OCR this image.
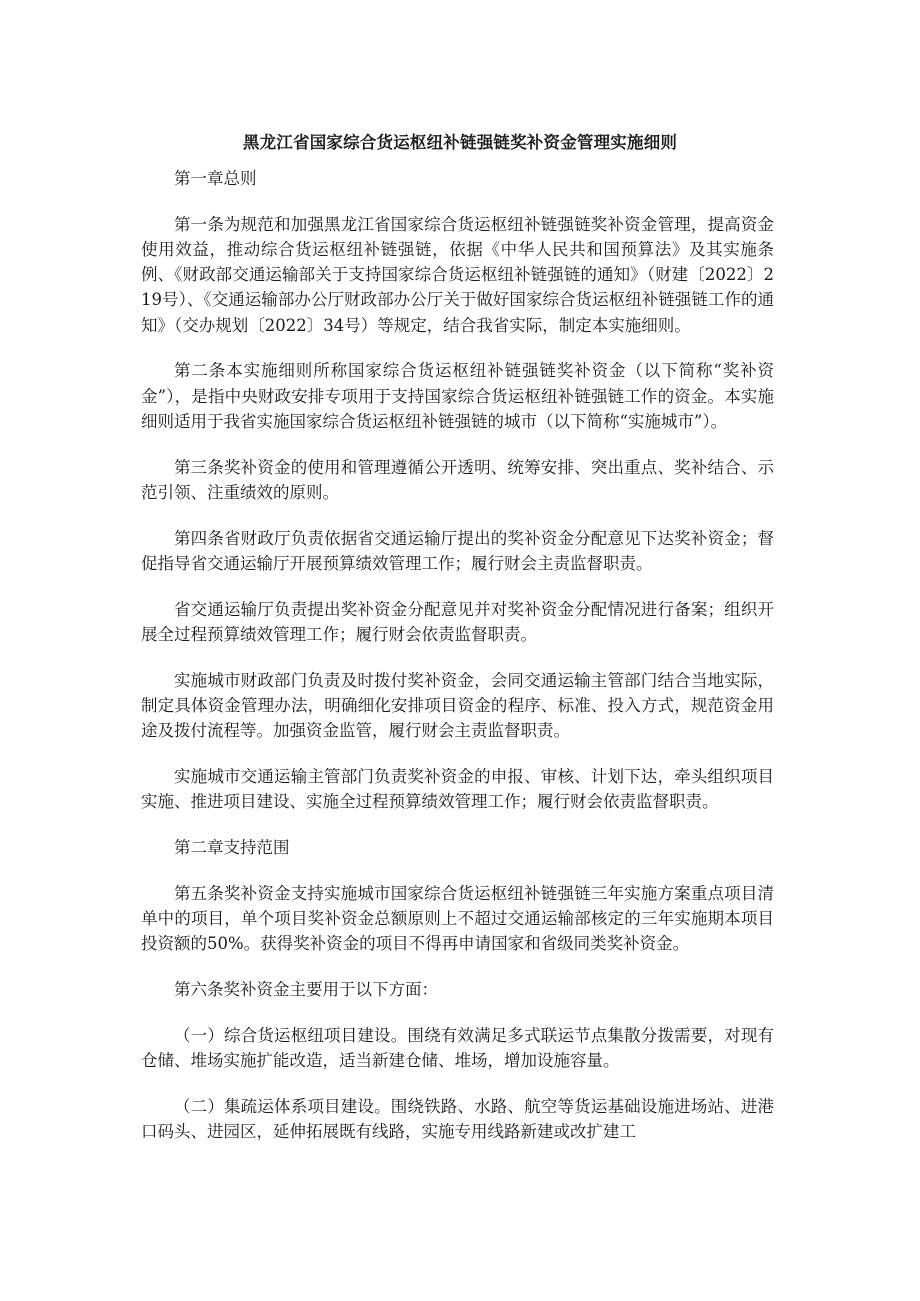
黑龙江省国家综合货运枢纽补链强链奖补资金管理实施细则

第一章总则

第一条为规范和加强黑龙江省国家综合货运枢纽补链强链奖补资金管理，提高资金使用效益，推动综合货运枢纽补链强链，依据《中华人民共和国预算法》及其实施条例、《财政部交通运输部关于支持国家综合货运枢纽补链强链的通知》（财建〔2022〕219号）、《交通运输部办公厅财政部办公厅关于做好国家综合货运枢纽补链强链工作的通知》（交办规划〔2022〕34号）等规定，结合我省实际，制定本实施细则。

第二条本实施细则所称国家综合货运枢纽补链强链奖补资金（以下简称“奖补资金”），是指中央财政安排专项用于支持国家综合货运枢纽补链强链工作的资金。本实施细则适用于我省实施国家综合货运枢纽补链强链的城市（以下简称“实施城市”）。

第三条奖补资金的使用和管理遵循公开透明、统筹安排、突出重点、奖补结合、示范引领、注重绩效的原则。

第四条省财政厅负责依据省交通运输厅提出的奖补资金分配意见下达奖补资金；督促指导省交通运输厅开展预算绩效管理工作；履行财会主责监督职责。

省交通运输厅负责提出奖补资金分配意见并对奖补资金分配情况进行备案；组织开展全过程预算绩效管理工作；履行财会依责监督职责。

实施城市财政部门负责及时拨付奖补资金，会同交通运输主管部门结合当地实际，制定具体资金管理办法，明确细化安排项目资金的程序、标准、投入方式，规范资金用途及拨付流程等。加强资金监管，履行财会主责监督职责。

实施城市交通运输主管部门负责奖补资金的申报、审核、计划下达，牵头组织项目实施、推进项目建设、实施全过程预算绩效管理工作；履行财会依责监督职责。

第二章支持范围

第五条奖补资金支持实施城市国家综合货运枢纽补链强链三年实施方案重点项目清单中的项目，单个项目奖补资金总额原则上不超过交通运输部核定的三年实施期本项目投资额的50%。获得奖补资金的项目不得再申请国家和省级同类奖补资金。

第六条奖补资金主要用于以下方面：

（一）综合货运枢纽项目建设。围绕有效满足多式联运节点集散分拨需要，对现有仓储、堆场实施扩能改造，适当新建仓储、堆场，增加设施容量。

（二）集疏运体系项目建设。围绕铁路、水路、航空等货运基础设施进场站、进港口码头、进园区，延伸拓展既有线路，实施专用线路新建或改扩建工
